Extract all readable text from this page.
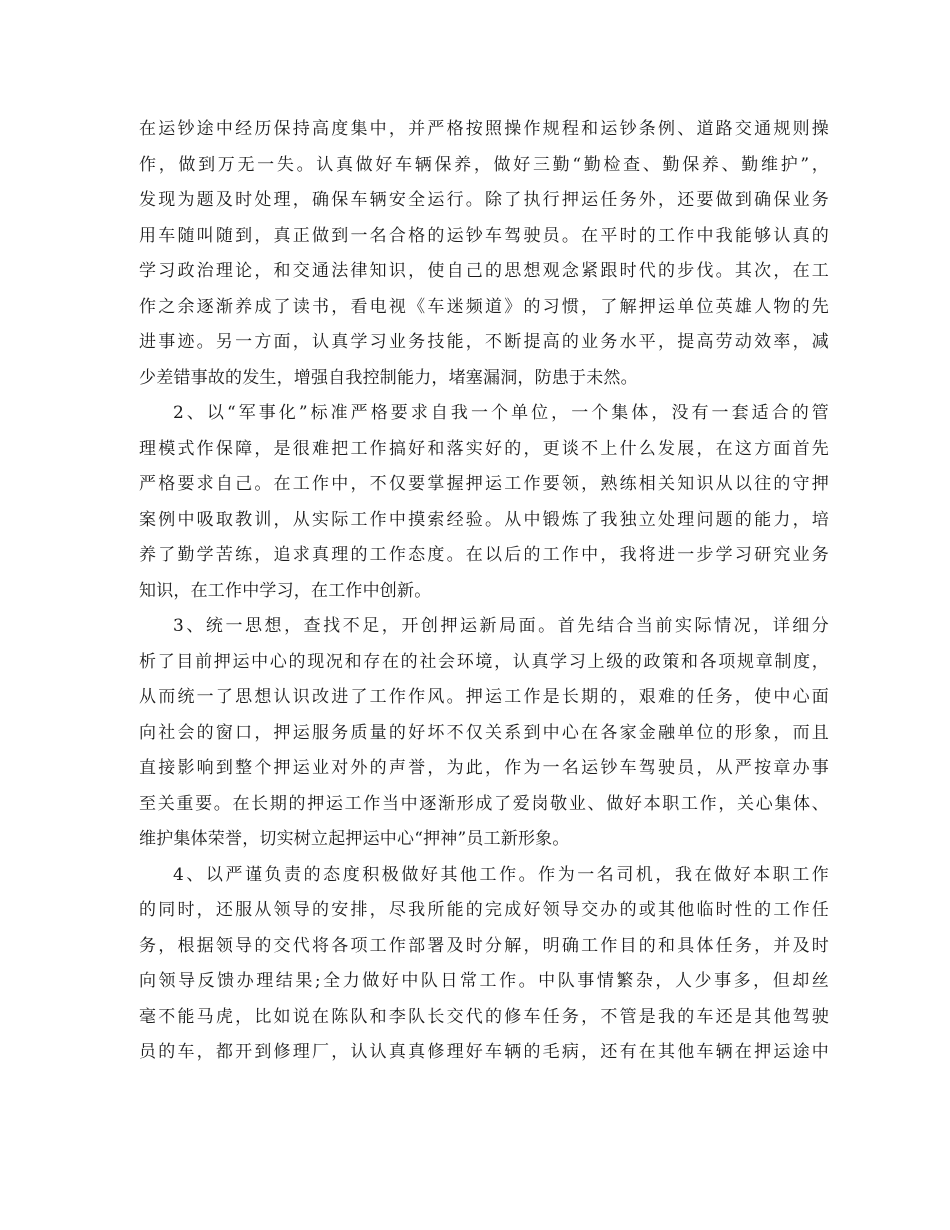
在运钞途中经历保持高度集中，并严格按照操作规程和运钞条例、道路交通规则操
作，做到万无一失。认真做好车辆保养，做好三勤“勤检查、勤保养、勤维护”，
发现为题及时处理，确保车辆安全运行。除了执行押运任务外，还要做到确保业务
用车随叫随到，真正做到一名合格的运钞车驾驶员。在平时的工作中我能够认真的
学习政治理论，和交通法律知识，使自己的思想观念紧跟时代的步伐。其次，在工
作之余逐渐养成了读书，看电视《车迷频道》的习惯，了解押运单位英雄人物的先
进事迹。另一方面，认真学习业务技能，不断提高的业务水平，提高劳动效率，减
少差错事故的发生，增强自我控制能力，堵塞漏洞，防患于未然。
2、以“军事化”标准严格要求自我一个单位，一个集体，没有一套适合的管
理模式作保障，是很难把工作搞好和落实好的，更谈不上什么发展，在这方面首先
严格要求自己。在工作中，不仅要掌握押运工作要领，熟练相关知识从以往的守押
案例中吸取教训，从实际工作中摸索经验。从中锻炼了我独立处理问题的能力，培
养了勤学苦练，追求真理的工作态度。在以后的工作中，我将进一步学习研究业务
知识，在工作中学习，在工作中创新。
3、统一思想，查找不足，开创押运新局面。首先结合当前实际情况，详细分
析了目前押运中心的现况和存在的社会环境，认真学习上级的政策和各项规章制度，
从而统一了思想认识改进了工作作风。押运工作是长期的，艰难的任务，使中心面
向社会的窗口，押运服务质量的好坏不仅关系到中心在各家金融单位的形象，而且
直接影响到整个押运业对外的声誉，为此，作为一名运钞车驾驶员，从严按章办事
至关重要。在长期的押运工作当中逐渐形成了爱岗敬业、做好本职工作，关心集体、
维护集体荣誉，切实树立起押运中心“押神”员工新形象。
4、以严谨负责的态度积极做好其他工作。作为一名司机，我在做好本职工作
的同时，还服从领导的安排，尽我所能的完成好领导交办的或其他临时性的工作任
务，根据领导的交代将各项工作部署及时分解，明确工作目的和具体任务，并及时
向领导反馈办理结果;全力做好中队日常工作。中队事情繁杂，人少事多，但却丝
毫不能马虎，比如说在陈队和李队长交代的修车任务，不管是我的车还是其他驾驶
员的车，都开到修理厂，认认真真修理好车辆的毛病，还有在其他车辆在押运途中
